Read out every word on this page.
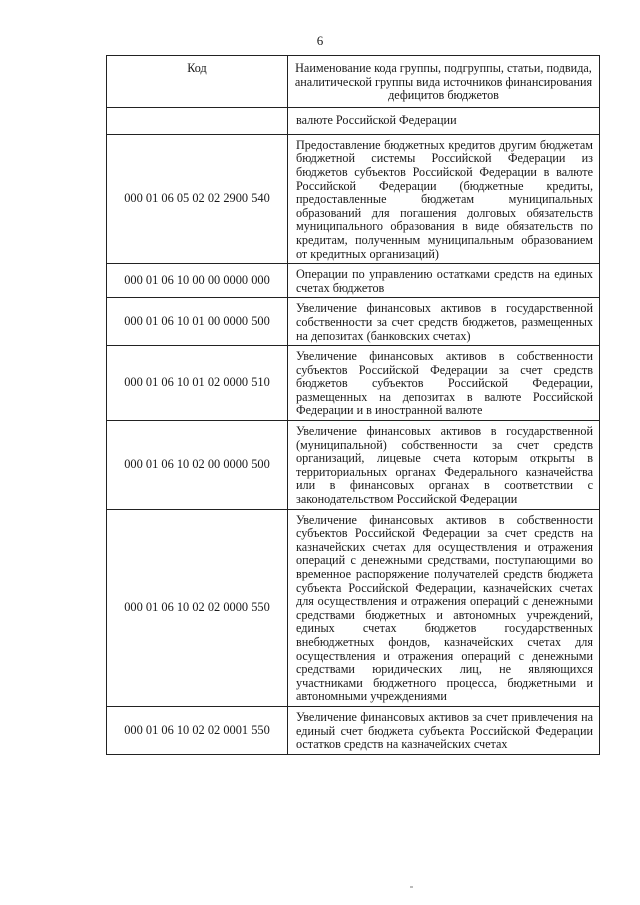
6
Код	Наименование кода группы, подгруппы, статьи, подвида, аналитической группы вида источников финансирования дефицитов бюджетов
	валюте Российской Федерации
000 01 06 05 02 02 2900 540	Предоставление бюджетных кредитов другим бюджетам бюджетной системы Российской Федерации из бюджетов субъектов Российской Федерации в валюте Российской Федерации (бюджетные кредиты, предоставленные бюджетам муниципальных образований для погашения долговых обязательств муниципального образования в виде обязательств по кредитам, полученным муниципальным образованием от кредитных организаций)
000 01 06 10 00 00 0000 000	Операции по управлению остатками средств на единых счетах бюджетов
000 01 06 10 01 00 0000 500	Увеличение финансовых активов в государственной собственности за счет средств бюджетов, размещенных на депозитах (банковских счетах)
000 01 06 10 01 02 0000 510	Увеличение финансовых активов в собственности субъектов Российской Федерации за счет средств бюджетов субъектов Российской Федерации, размещенных на депозитах в валюте Российской Федерации и в иностранной валюте
000 01 06 10 02 00 0000 500	Увеличение финансовых активов в государственной (муниципальной) собственности за счет средств организаций, лицевые счета которым открыты в территориальных органах Федерального казначейства или в финансовых органах в соответствии с законодательством Российской Федерации
000 01 06 10 02 02 0000 550	Увеличение финансовых активов в собственности субъектов Российской Федерации за счет средств на казначейских счетах для осуществления и отражения операций с денежными средствами, поступающими во временное распоряжение получателей средств бюджета субъекта Российской Федерации, казначейских счетах для осуществления и отражения операций с денежными средствами бюджетных и автономных учреждений, единых счетах бюджетов государственных внебюджетных фондов, казначейских счетах для осуществления и отражения операций с денежными средствами юридических лиц, не являющихся участниками бюджетного процесса, бюджетными и автономными учреждениями
000 01 06 10 02 02 0001 550	Увеличение финансовых активов за счет привлечения на единый счет бюджета субъекта Российской Федерации остатков средств на казначейских счетах
